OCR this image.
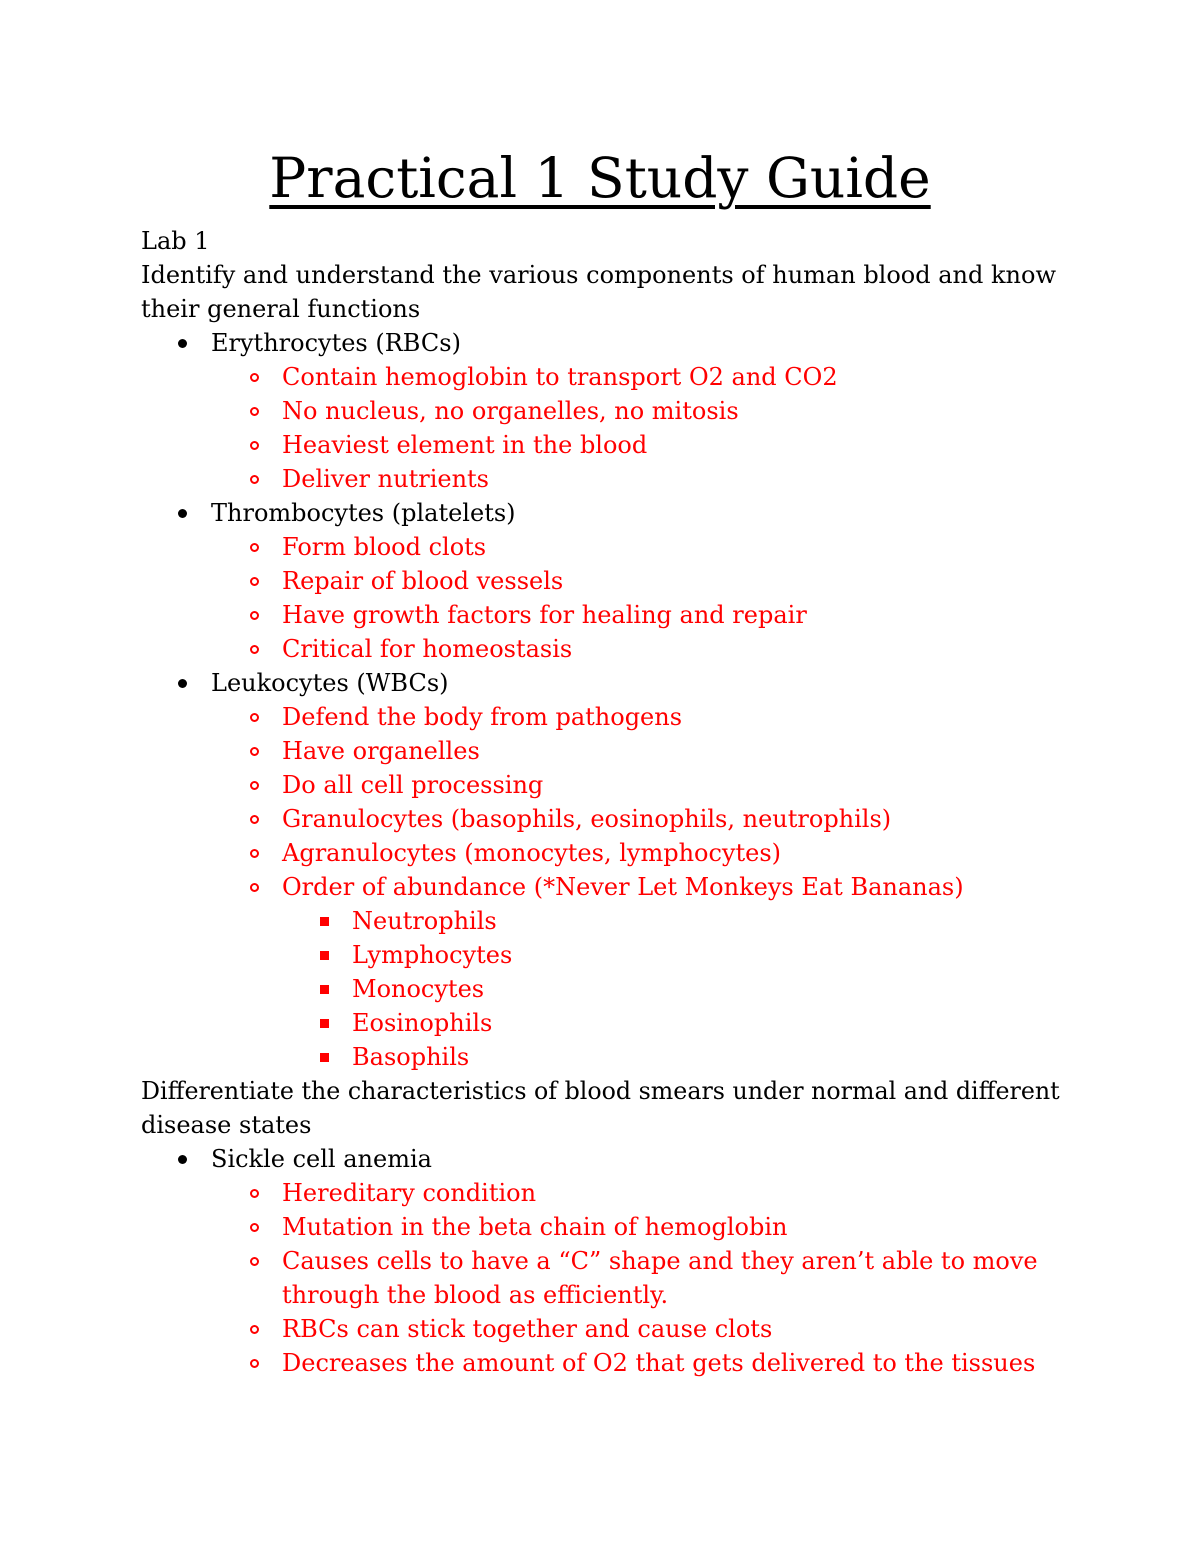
Practical 1 Study Guide
Lab 1
Identify and understand the various components of human blood and know
their general functions
Erythrocytes (RBCs)
Contain hemoglobin to transport O2 and CO2
No nucleus, no organelles, no mitosis
Heaviest element in the blood
Deliver nutrients
Thrombocytes (platelets)
Form blood clots
Repair of blood vessels
Have growth factors for healing and repair
Critical for homeostasis
Leukocytes (WBCs)
Defend the body from pathogens
Have organelles
Do all cell processing
Granulocytes (basophils, eosinophils, neutrophils)
Agranulocytes (monocytes, lymphocytes)
Order of abundance (*Never Let Monkeys Eat Bananas)
Neutrophils
Lymphocytes
Monocytes
Eosinophils
Basophils
Differentiate the characteristics of blood smears under normal and different
disease states
Sickle cell anemia
Hereditary condition
Mutation in the beta chain of hemoglobin
Causes cells to have a “C” shape and they aren’t able to move
through the blood as efficiently.
RBCs can stick together and cause clots
Decreases the amount of O2 that gets delivered to the tissues
